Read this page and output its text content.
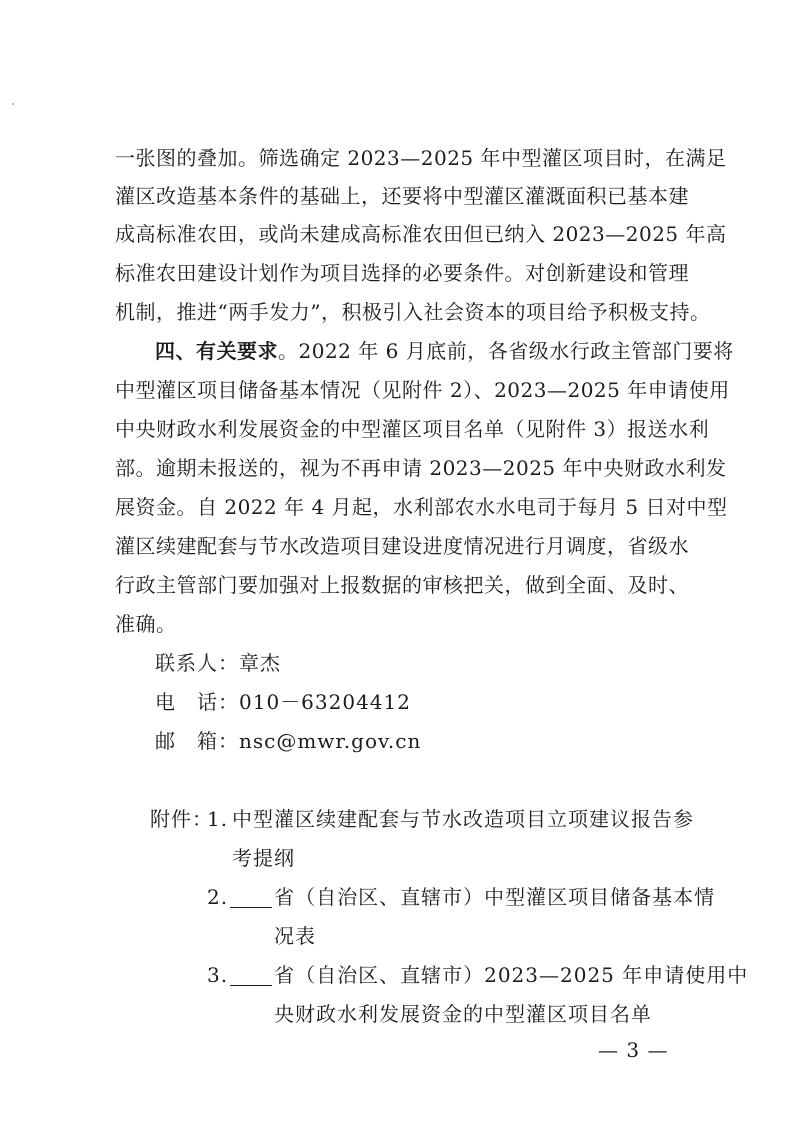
一张图的叠加。筛选确定 2023—2025 年中型灌区项目时，在满足
灌区改造基本条件的基础上，还要将中型灌区灌溉面积已基本建
成高标准农田，或尚未建成高标准农田但已纳入 2023—2025 年高
标准农田建设计划作为项目选择的必要条件。对创新建设和管理
机制，推进“两手发力”，积极引入社会资本的项目给予积极支持。
四、有关要求。2022 年 6 月底前，各省级水行政主管部门要将
中型灌区项目储备基本情况（见附件 2）、2023—2025 年申请使用
中央财政水利发展资金的中型灌区项目名单（见附件 3）报送水利
部。逾期未报送的，视为不再申请 2023—2025 年中央财政水利发
展资金。自 2022 年 4 月起，水利部农水水电司于每月 5 日对中型
灌区续建配套与节水改造项目建设进度情况进行月调度，省级水
行政主管部门要加强对上报数据的审核把关，做到全面、及时、
准确。
联系人：章杰
电　话：010－63204412
邮　箱：nsc@mwr.gov.cn
附件：
1. 中型灌区续建配套与节水改造项目立项建议报告参
考提纲
2. 省（自治区、直辖市）中型灌区项目储备基本情
况表
3. 省（自治区、直辖市）2023—2025 年申请使用中
央财政水利发展资金的中型灌区项目名单
— 3 —
